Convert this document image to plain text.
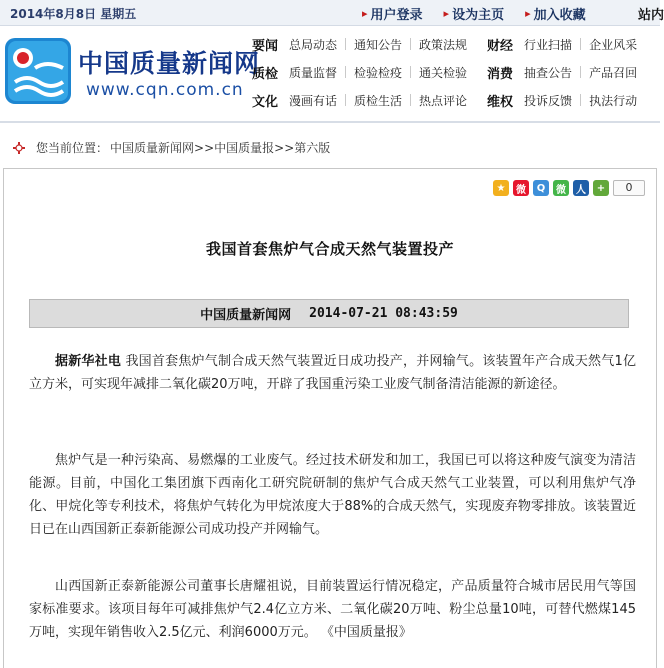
2014年8月8日 星期五	▸ 用户登录 ▸ 设为主页 ▸ 加入收藏	站内
中国质量新闻网
www.cqn.com.cn
要闻 总局动态 通知公告 政策法规 财经 行业扫描 企业风采
质检 质量监督 检验检疫 通关检验 消费 抽查公告 产品召回
文化 漫画有话 质检生活 热点评论 维权 投诉反馈 执法行动
您当前位置： 中国质量新闻网 >> 中国质量报 >> 第六版
★	微	Q	微	人	+	0
我国首套焦炉气合成天然气装置投产
中国质量新闻网 2014-07-21 08:43:59

据新华社电 我国首套焦炉气制合成天然气装置近日成功投产，并网输气。该装置年产合成天然气1亿立方米，可实现年减排二氧化碳20万吨，开辟了我国重污染工业废气制备清洁能源的新途径。

焦炉气是一种污染高、易燃爆的工业废气。经过技术研发和加工，我国已可以将这种废气演变为清洁能源。目前，中国化工集团旗下西南化工研究院研制的焦炉气合成天然气工业装置，可以利用焦炉气净化、甲烷化等专利技术，将焦炉气转化为甲烷浓度大于88%的合成天然气，实现废弃物零排放。该装置近日已在山西国新正泰新能源公司成功投产并网输气。

山西国新正泰新能源公司董事长唐耀祖说，目前装置运行情况稳定，产品质量符合城市居民用气等国家标准要求。该项目每年可减排焦炉气2.4亿立方米、二氧化碳20万吨、粉尘总量10吨，可替代燃煤145万吨，实现年销售收入2.5亿元、利润6000万元。 《中国质量报》
